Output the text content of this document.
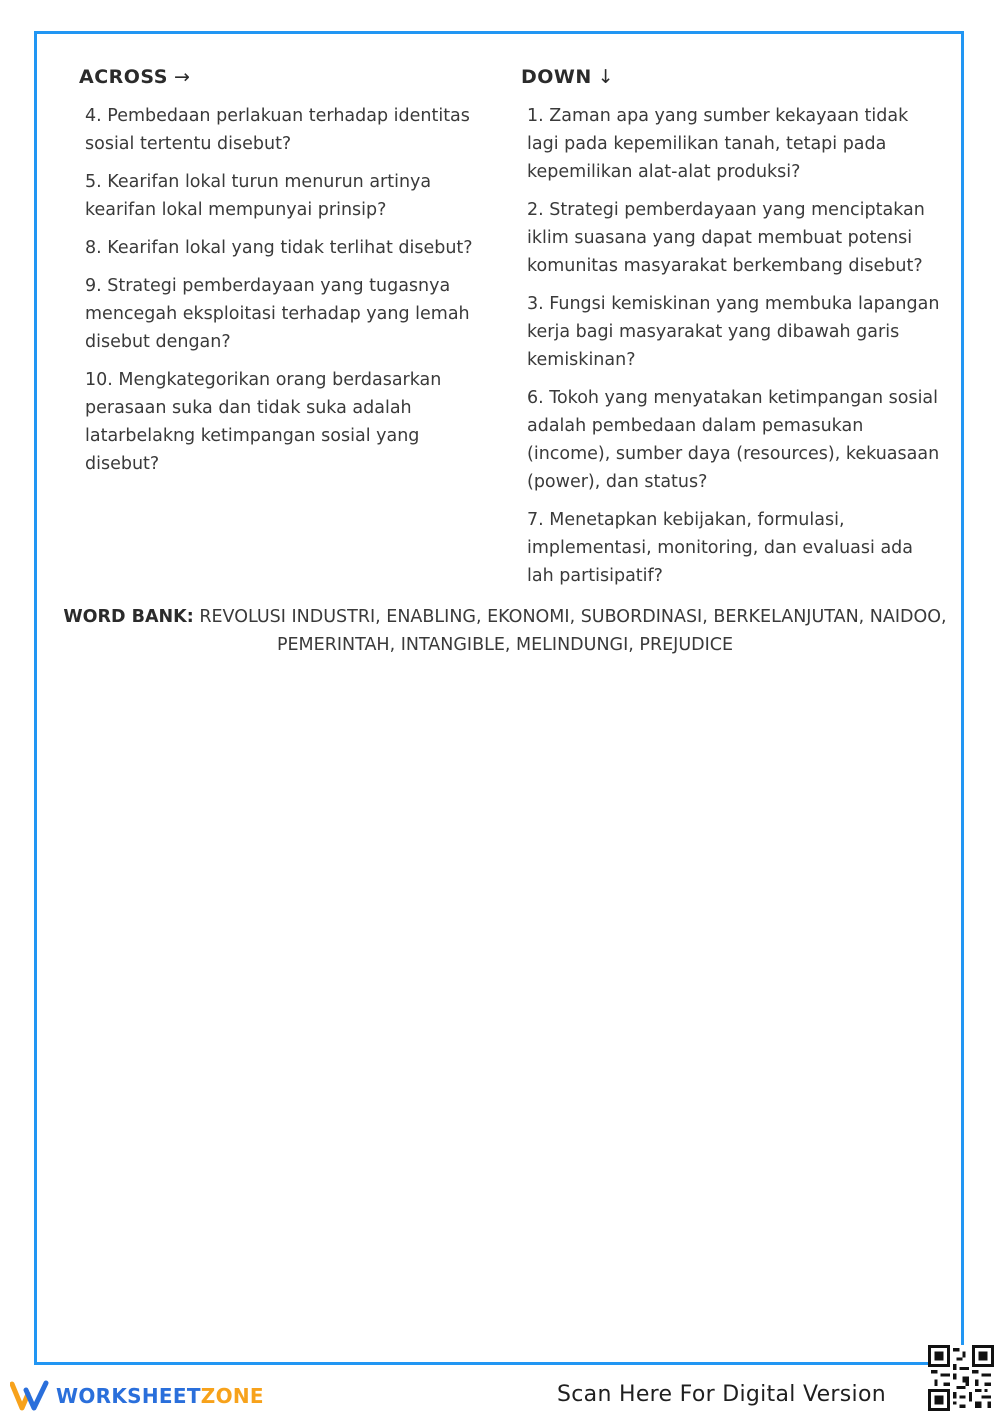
ACROSS →
4. Pembedaan perlakuan terhadap identitas sosial tertentu disebut?
5. Kearifan lokal turun menurun artinya kearifan lokal mempunyai prinsip?
8. Kearifan lokal yang tidak terlihat disebut?
9. Strategi pemberdayaan yang tugasnya mencegah eksploitasi terhadap yang lemah disebut dengan?
10. Mengkategorikan orang berdasarkan perasaan suka dan tidak suka adalah latarbelakng ketimpangan sosial yang disebut?
DOWN ↓
1. Zaman apa yang sumber kekayaan tidak lagi pada kepemilikan tanah, tetapi pada kepemilikan alat-alat produksi?
2. Strategi pemberdayaan yang menciptakan iklim suasana yang dapat membuat potensi komunitas masyarakat berkembang disebut?
3. Fungsi kemiskinan yang membuka lapangan kerja bagi masyarakat yang dibawah garis kemiskinan?
6. Tokoh yang menyatakan ketimpangan sosial adalah pembedaan dalam pemasukan (income), sumber daya (resources), kekuasaan (power), dan status?
7. Menetapkan kebijakan, formulasi, implementasi, monitoring, dan evaluasi ada lah partisipatif?
WORD BANK: REVOLUSI INDUSTRI, ENABLING, EKONOMI, SUBORDINASI, BERKELANJUTAN, NAIDOO, PEMERINTAH, INTANGIBLE, MELINDUNGI, PREJUDICE
WORKSHEETZONE	Scan Here For Digital Version
